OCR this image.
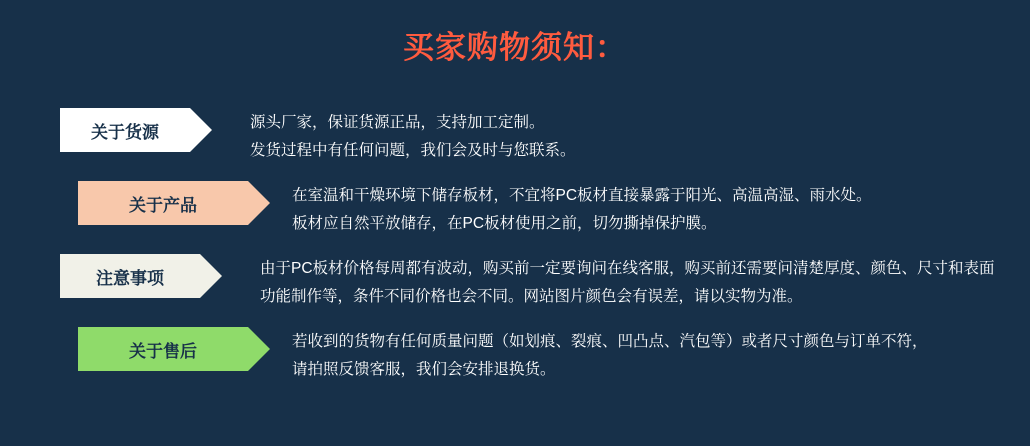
买家购物须知：
关于货源	源头厂家，保证货源正品，支持加工定制。
发货过程中有任何问题，我们会及时与您联系。
关于产品	在室温和干燥环境下储存板材，不宜将PC板材直接暴露于阳光、高温高湿、雨水处。
板材应自然平放储存，在PC板材使用之前，切勿撕掉保护膜。
注意事项	由于PC板材价格每周都有波动，购买前一定要询问在线客服，购买前还需要问清楚厚度、颜色、尺寸和表面
功能制作等，条件不同价格也会不同。网站图片颜色会有误差，请以实物为准。
关于售后	若收到的货物有任何质量问题（如划痕、裂痕、凹凸点、汽包等）或者尺寸颜色与订单不符，
请拍照反馈客服，我们会安排退换货。
